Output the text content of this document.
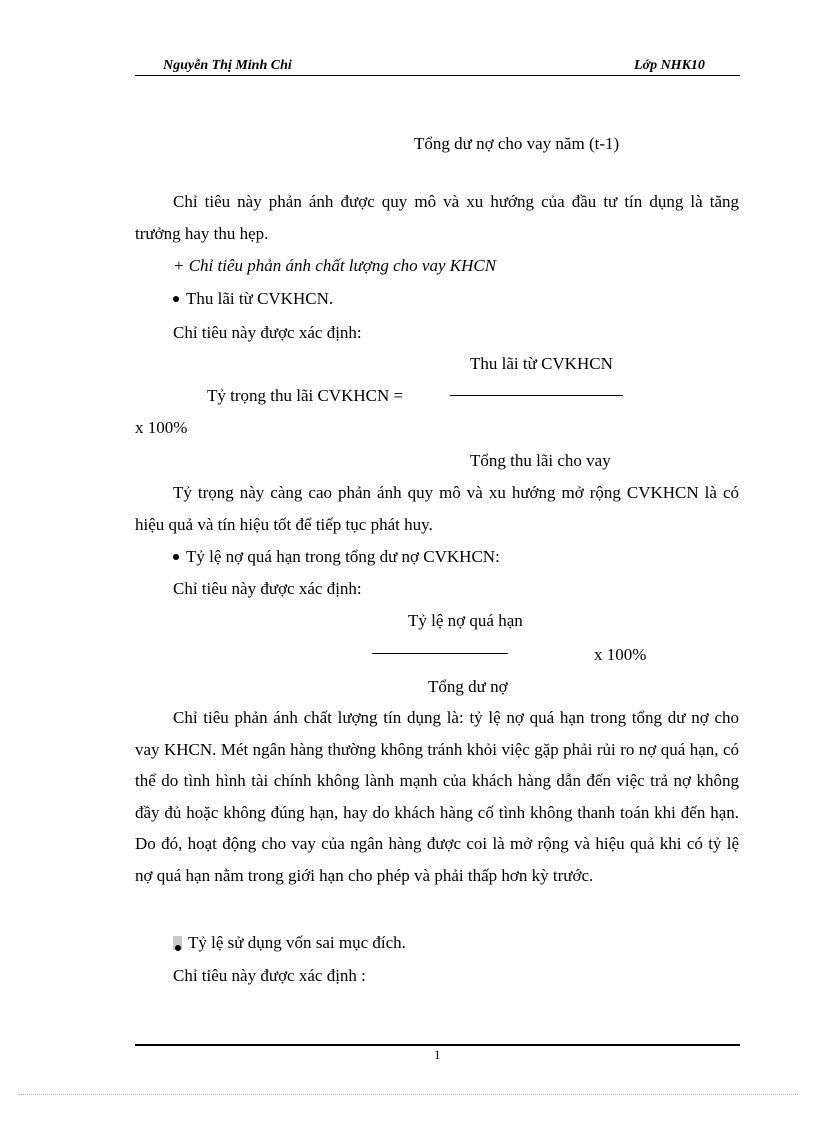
Nguyễn Thị Minh Chi	Lớp NHK10
Tổng dư nợ cho vay năm (t-1)
Chỉ tiêu này phản ánh được quy mô và xu hướng của đầu tư tín dụng là tăng trưởng hay thu hẹp.
+ Chỉ tiêu phản ánh chất lượng cho vay KHCN
Thu lãi từ CVKHCN.
Chỉ tiêu này được xác định:
Thu lãi từ CVKHCN
Tỷ trọng thu lãi CVKHCN =
x 100%
Tổng thu lãi cho vay
Tỷ trọng này càng cao phản ánh quy mô và xu hướng mở rộng CVKHCN là có hiệu quả và tín hiệu tốt để tiếp tục phát huy.
Tỷ lệ nợ quá hạn trong tổng dư nợ CVKHCN:
Chỉ tiêu này được xác định:
Tỷ lệ nợ quá hạn
x 100%
Tổng dư nợ
Chỉ tiêu phản ánh chất lượng tín dụng là: tỷ lệ nợ quá hạn trong tổng dư nợ cho vay KHCN. Mét ngân hàng thường không tránh khỏi việc gặp phải rủi ro nợ quá hạn, có thể do tình hình tài chính không lành mạnh của khách hàng dẫn đến việc trả nợ không đầy đủ hoặc không đúng hạn, hay do khách hàng cố tình không thanh toán khi đến hạn. Do đó, hoạt động cho vay của ngân hàng được coi là mở rộng và hiệu quả khi có tỷ lệ nợ quá hạn nằm trong giới hạn cho phép và phải thấp hơn kỳ trước.
Tỷ lệ sử dụng vốn sai mục đích.
Chỉ tiêu này được xác định :
1
